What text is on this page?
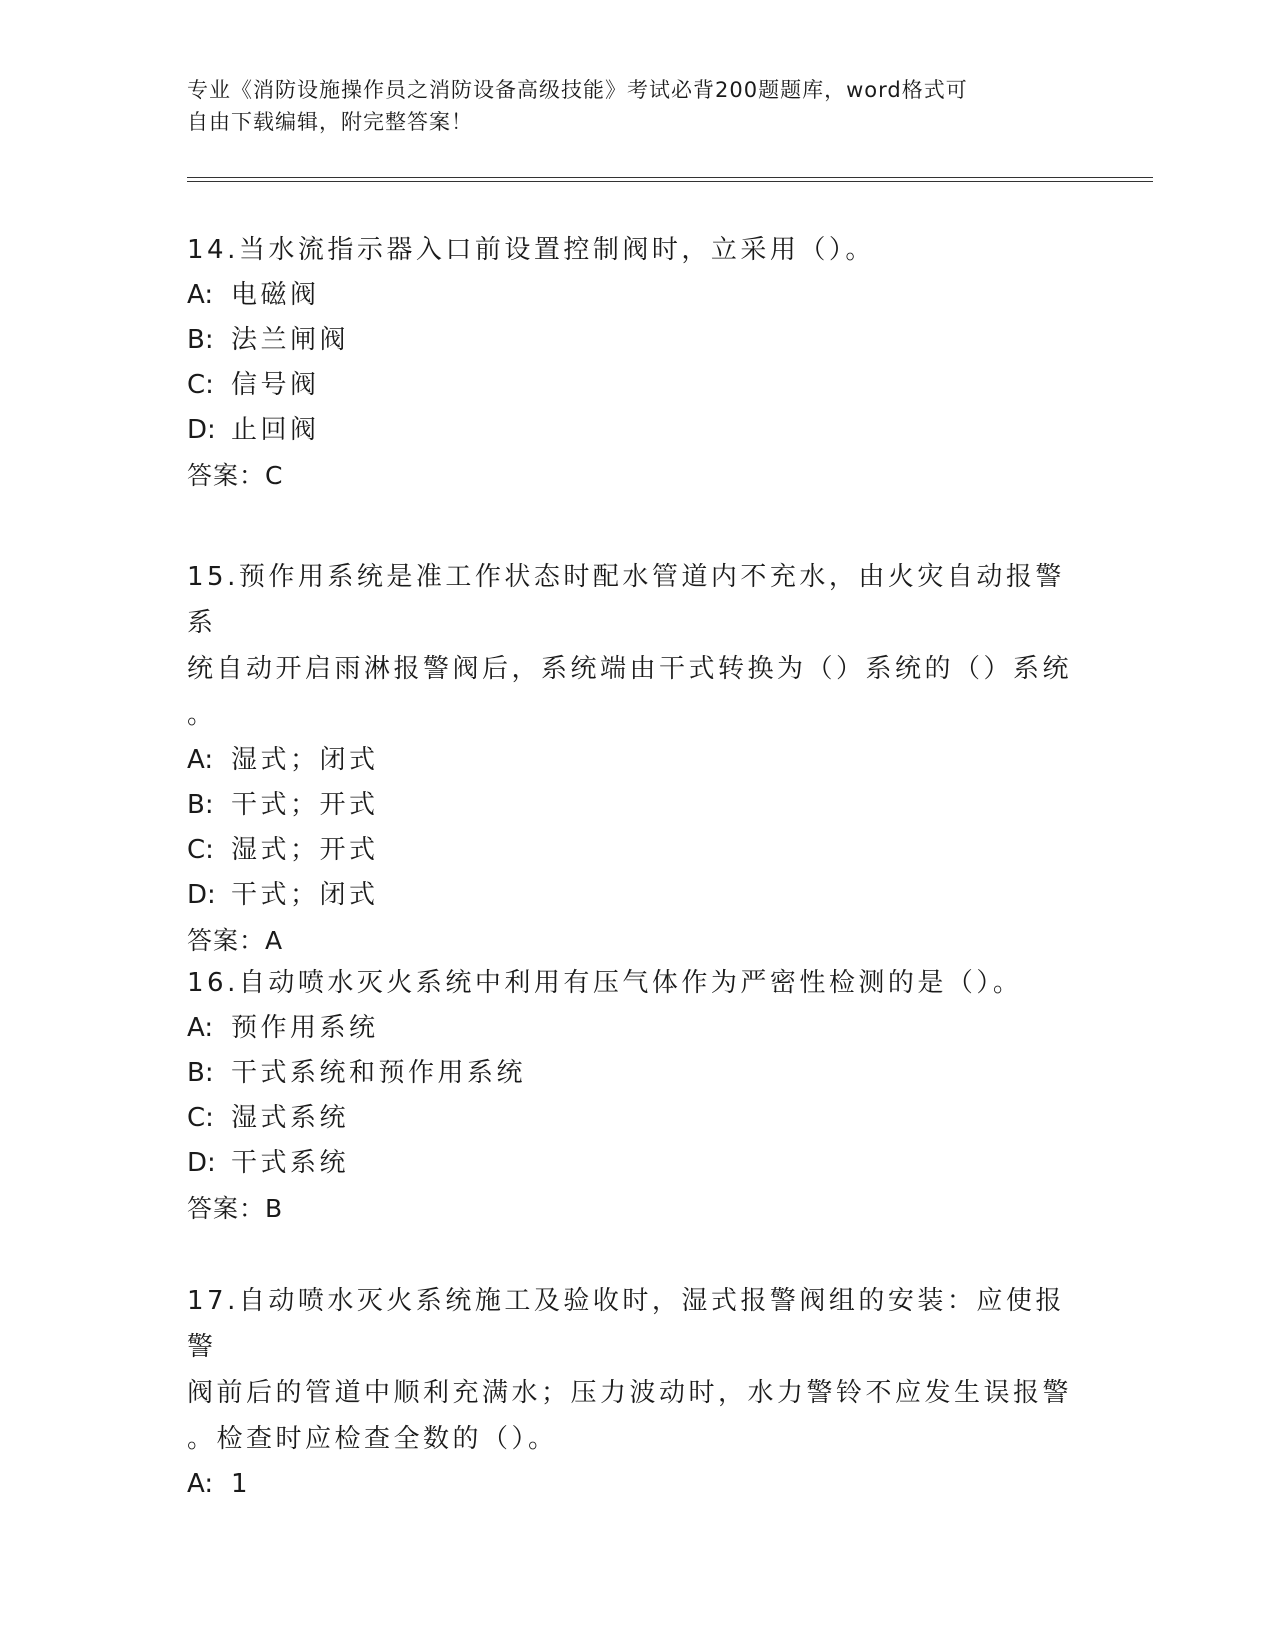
专业《消防设施操作员之消防设备高级技能》考试必背200题题库，word格式可
自由下载编辑，附完整答案！

14.当水流指示器入口前设置控制阀时，立采用（）。

A: 电磁阀

B: 法兰闸阀

C: 信号阀

D: 止回阀

答案：C

15.预作用系统是准工作状态时配水管道内不充水，由火灾自动报警系

统自动开启雨淋报警阀后，系统端由干式转换为（）系统的（）系统

。

A: 湿式；闭式

B: 干式；开式

C: 湿式；开式

D: 干式；闭式

答案：A

16.自动喷水灭火系统中利用有压气体作为严密性检测的是（）。

A: 预作用系统

B: 干式系统和预作用系统

C: 湿式系统

D: 干式系统

答案：B

17.自动喷水灭火系统施工及验收时，湿式报警阀组的安装：应使报警

阀前后的管道中顺利充满水；压力波动时，水力警铃不应发生误报警

。检查时应检查全数的（）。

A: 1
